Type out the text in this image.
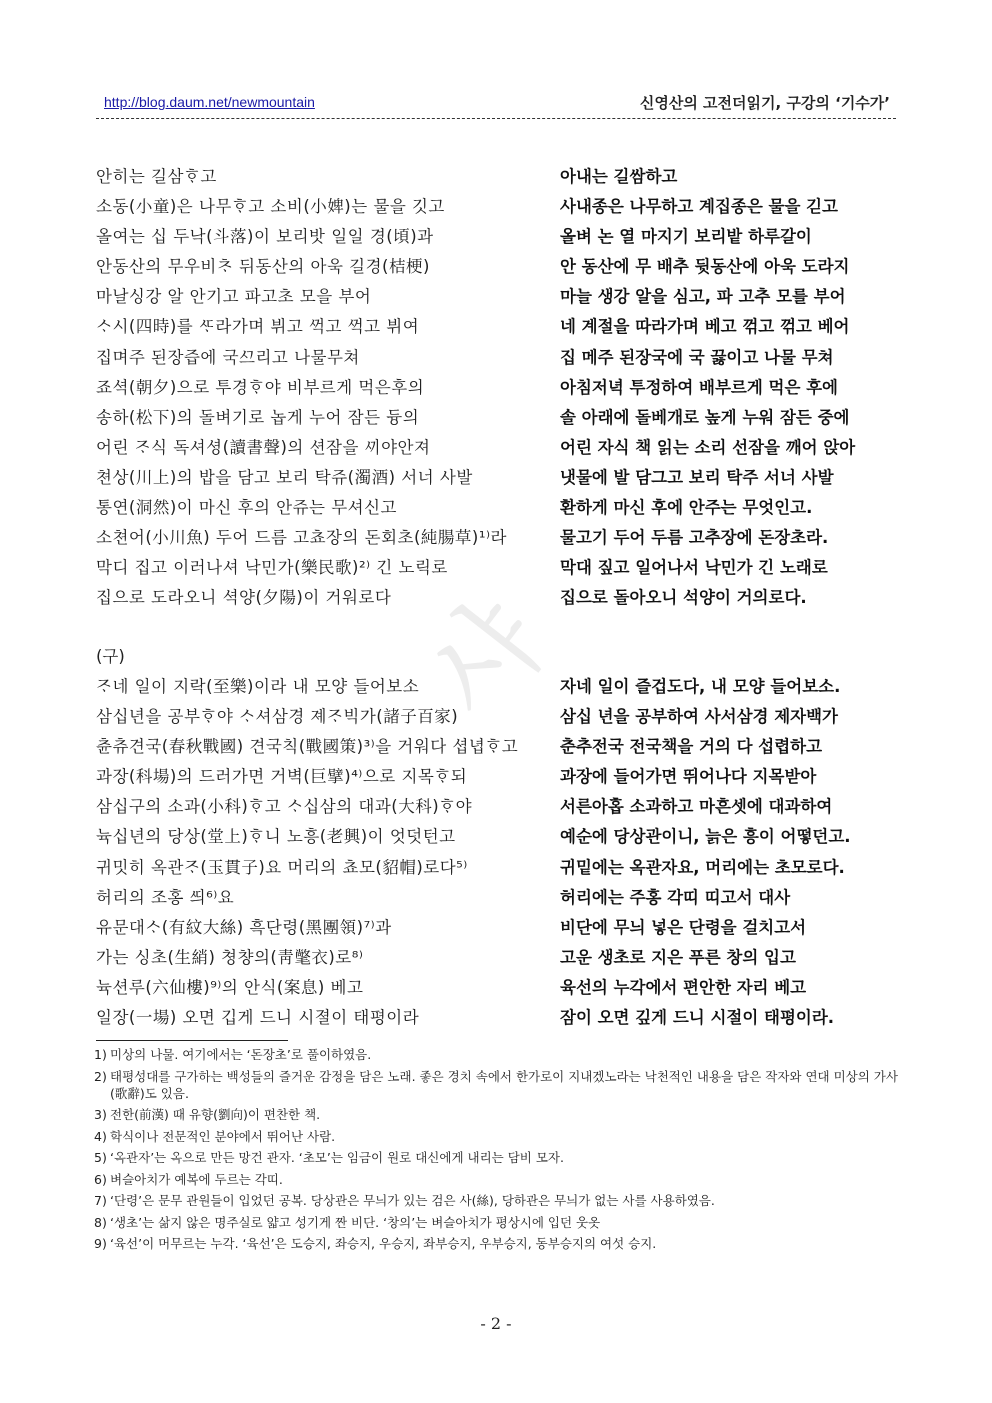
http://blog.daum.net/newmountain	신영산의 고전더읽기, 구강의 ‘기수가’
샤
안히는 길삼ᄒᆞ고	아내는 길쌈하고
소동(小童)은 나무ᄒᆞ고 소비(小婢)는 물을 깃고	사내종은 나무하고 계집종은 물을 긷고
올여는 십 두낙(斗落)이 보리밧 일일 경(頃)과	올벼 논 열 마지기 보리밭 하루갈이
안동산의 무우비ᄎᆞ 뒤동산의 아욱 길경(桔梗)	안 동산에 무 배추 뒷동산에 아욱 도라지
마날싱강 알 안기고 파고초 모을 부어	마늘 생강 알을 심고, 파 고추 모를 부어
ᄉᆞ시(四時)를 ᄯᆞ라가며 뷔고 ᄭᅥᆨ고 ᄭᅥᆨ고 뷔여	네 계절을 따라가며 베고 꺾고 꺾고 베어
집며주 된장즙에 국ᄭᅳ리고 나물무쳐	집 메주 된장국에 국 끓이고 나물 무쳐
죠셕(朝夕)으로 투경ᄒᆞ야 비부르게 먹은후의	아침저녁 투정하여 배부르게 먹은 후에
송하(松下)의 돌벼기로 놉게 누어 잠든 듕의	솔 아래에 돌베개로 높게 누워 잠든 중에
어린 ᄌᆞ식 독셔셩(讀書聲)의 션잠을 ᄭᅵ야안져	어린 자식 책 읽는 소리 선잠을 깨어 앉아
쳔상(川上)의 밥을 담고 보리 탁쥬(濁酒) 서너 사발	냇물에 발 담그고 보리 탁주 서너 사발
통연(洞然)이 마신 후의 안쥬는 무셔신고	환하게 마신 후에 안주는 무엇인고.
소쳔어(小川魚) 두어 드름 고쵸장의 돈회초(純腸草)¹⁾라	물고기 두어 두름 고추장에 돈장초라.
막디 집고 이러나셔 낙민가(樂民歌)²⁾ 긴 노릭로	막대 짚고 일어나서 낙민가 긴 노래로
집으로 도라오니 셕양(夕陽)이 거워로다	집으로 돌아오니 석양이 거의로다.
(구)
ᄌᆞ네 일이 지락(至樂)이라 내 모양 들어보소	자네 일이 즐겁도다, 내 모양 들어보소.
삼십년을 공부ᄒᆞ야 ᄉᆞ셔삼경 졔ᄌᆞ빅가(諸子百家)	삼십 년을 공부하여 사서삼경 제자백가
츈츄견국(春秋戰國) 견국칙(戰國策)³⁾을 거워다 셥녑ᄒᆞ고	춘추전국 전국책을 거의 다 섭렵하고
과장(科場)의 드러가면 거벽(巨擘)⁴⁾으로 지목ᄒᆞ되	과장에 들어가면 뛰어나다 지목받아
삼십구의 소과(小科)ᄒᆞ고 ᄉᆞ십삼의 대과(大科)ᄒᆞ야	서른아홉 소과하고 마흔셋에 대과하여
뉵십년의 당상(堂上)ᄒᆞ니 노흥(老興)이 엇덧턴고	예순에 당상관이니, 늙은 흥이 어떻던고.
귀밋히 옥관ᄌᆞ(玉貫子)요 머리의 쵸모(貂帽)로다⁵⁾	귀밑에는 옥관자요, 머리에는 초모로다.
허리의 조홍 ᄯᅴ⁶⁾요	허리에는 주홍 각띠 띠고서 대사
유문대ᄉᆞ(有紋大絲) 흑단령(黑團領)⁷⁾과	비단에 무늬 넣은 단령을 걸치고서
가는 싱초(生綃) 쳥챵의(靑氅衣)로⁸⁾	고운 생초로 지은 푸른 창의 입고
뉵션루(六仙樓)⁹⁾의 안식(案息) 베고	육선의 누각에서 편안한 자리 베고
일장(一場) 오면 깁게 드니 시졀이 태평이라	잠이 오면 깊게 드니 시절이 태평이라.
1) 미상의 나물. 여기에서는 ‘돈장초’로 풀이하였음.
2) 태평성대를 구가하는 백성들의 즐거운 감정을 담은 노래. 좋은 경치 속에서 한가로이 지내겠노라는 낙천적인 내용을 담은 작자와 연대 미상의 가사(歌辭)도 있음.
3) 전한(前漢) 때 유향(劉向)이 편찬한 책.
4) 학식이나 전문적인 분야에서 뛰어난 사람.
5) ‘옥관자’는 옥으로 만든 망건 관자. ‘초모’는 임금이 원로 대신에게 내리는 담비 모자.
6) 벼슬아치가 예복에 두르는 각띠.
7) ‘단령’은 문무 관원들이 입었던 공복. 당상관은 무늬가 있는 검은 사(絲), 당하관은 무늬가 없는 사를 사용하였음.
8) ‘생초’는 삶지 않은 명주실로 얇고 성기게 짠 비단. ‘창의’는 벼슬아치가 평상시에 입던 웃옷
9) ‘육선’이 머무르는 누각. ‘육선’은 도승지, 좌승지, 우승지, 좌부승지, 우부승지, 동부승지의 여섯 승지.
- 2 -
